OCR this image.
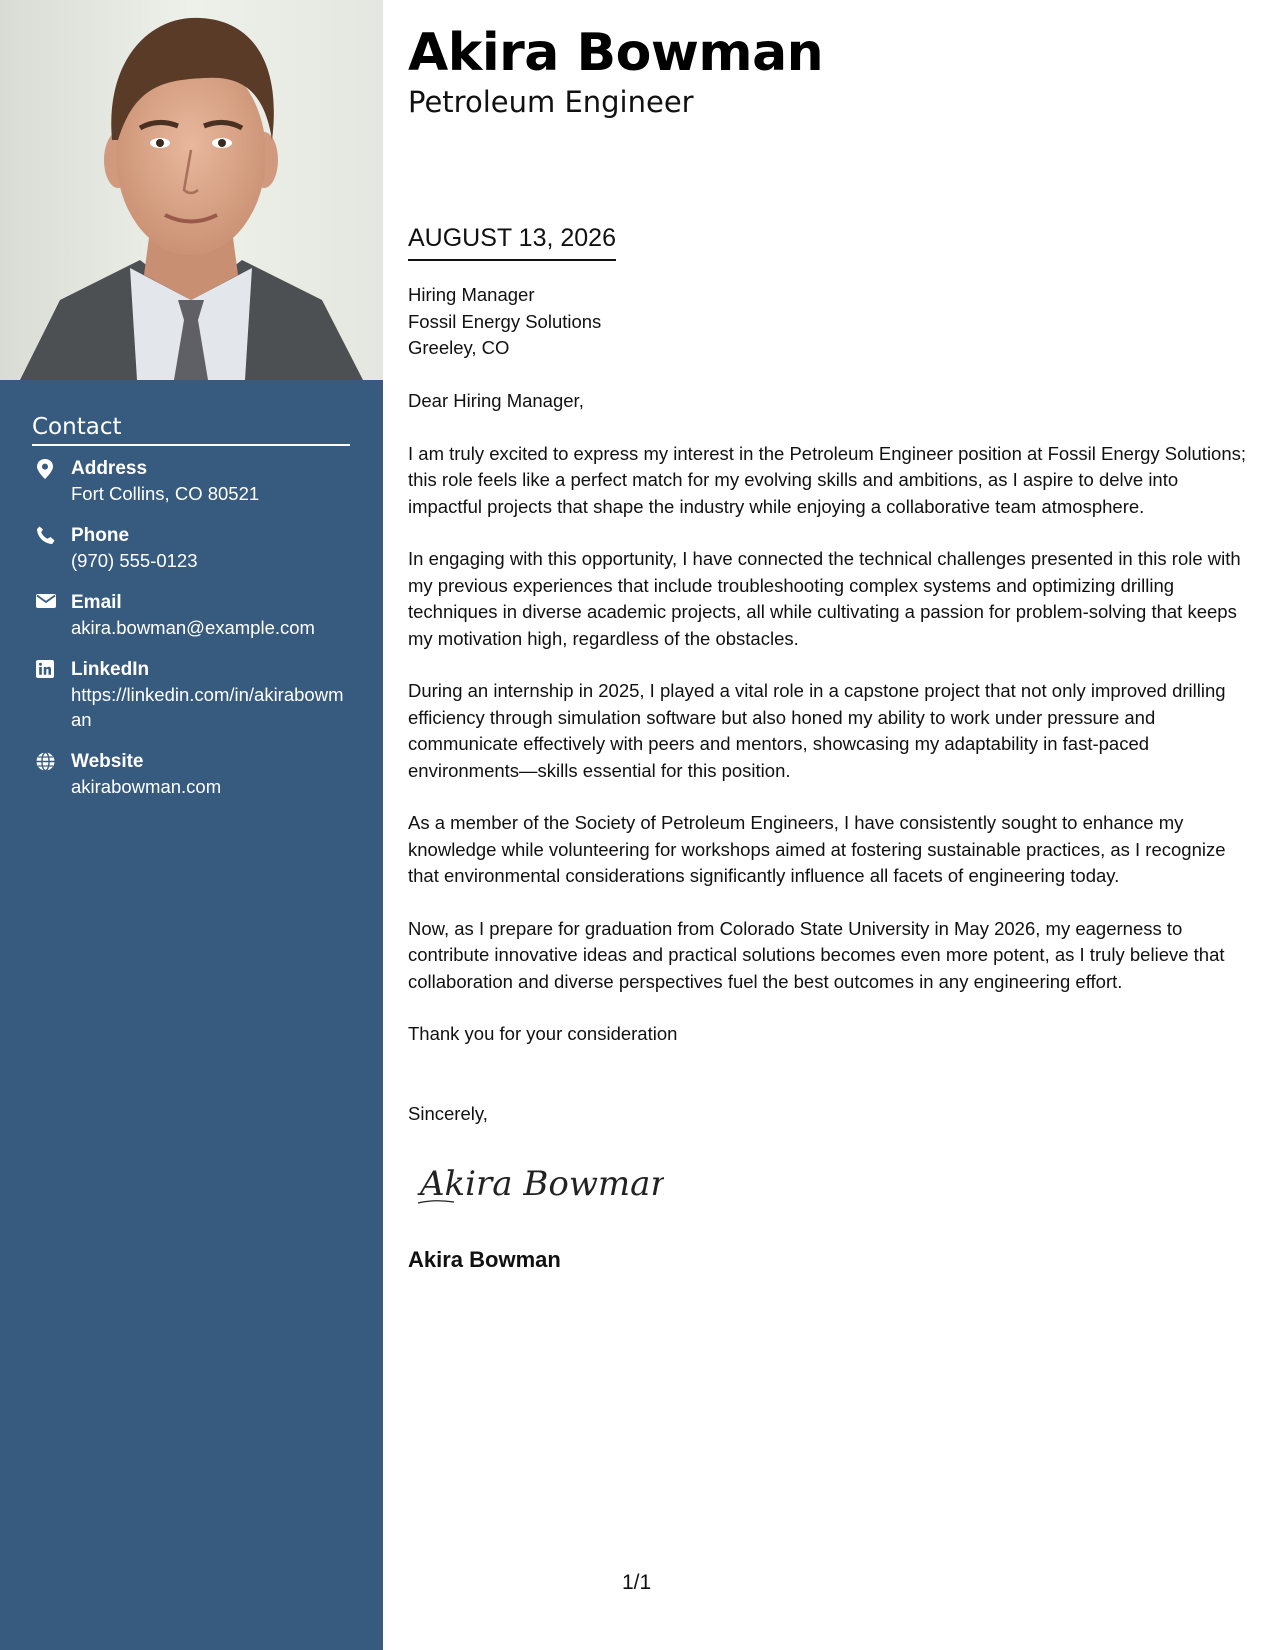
Contact
Address
Fort Collins, CO 80521
Phone
(970) 555-0123
Email
akira.bowman@example.com
LinkedIn
https://linkedin.com/in/akirabowman
Website
akirabowman.com
Akira Bowman
Petroleum Engineer
AUGUST 13, 2026
Hiring Manager
Fossil Energy Solutions
Greeley, CO

Dear Hiring Manager,

I am truly excited to express my interest in the Petroleum Engineer position at Fossil Energy Solutions; this role feels like a perfect match for my evolving skills and ambitions, as I aspire to delve into impactful projects that shape the industry while enjoying a collaborative team atmosphere.

In engaging with this opportunity, I have connected the technical challenges presented in this role with my previous experiences that include troubleshooting complex systems and optimizing drilling techniques in diverse academic projects, all while cultivating a passion for problem-solving that keeps my motivation high, regardless of the obstacles.

During an internship in 2025, I played a vital role in a capstone project that not only improved drilling efficiency through simulation software but also honed my ability to work under pressure and communicate effectively with peers and mentors, showcasing my adaptability in fast-paced environments—skills essential for this position.

As a member of the Society of Petroleum Engineers, I have consistently sought to enhance my knowledge while volunteering for workshops aimed at fostering sustainable practices, as I recognize that environmental considerations significantly influence all facets of engineering today.

Now, as I prepare for graduation from Colorado State University in May 2026, my eagerness to contribute innovative ideas and practical solutions becomes even more potent, as I truly believe that collaboration and diverse perspectives fuel the best outcomes in any engineering effort.

Thank you for your consideration

Sincerely,
Akira Bowman
Akira Bowman
1/1
